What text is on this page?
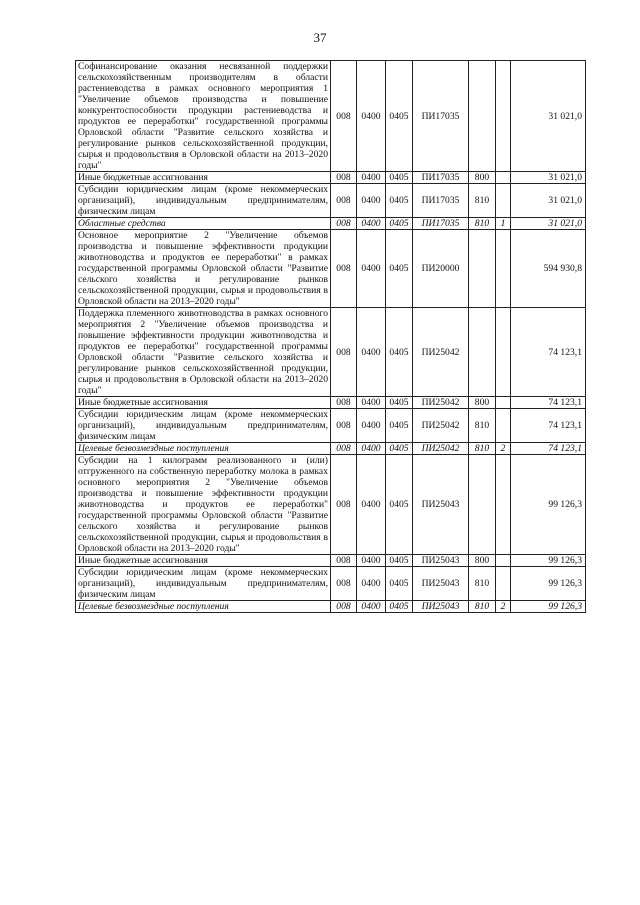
37
Софинансирование оказания несвязанной поддержки сельскохозяйственным производителям в области растениеводства в рамках основного мероприятия 1 "Увеличение объемов производства и повышение конкурентоспособности продукции растениеводства и продуктов ее переработки" государственной программы Орловской области "Развитие сельского хозяйства и регулирование рынков сельскохозяйственной продукции, сырья и продовольствия в Орловской области на 2013–2020 годы"	008	0400	0405	ПИ17035			31 021,0
Иные бюджетные ассигнования	008	0400	0405	ПИ17035	800		31 021,0
Субсидии юридическим лицам (кроме некоммерческих организаций), индивидуальным предпринимателям, физическим лицам	008	0400	0405	ПИ17035	810		31 021,0
Областные средства	008	0400	0405	ПИ17035	810	1	31 021,0
Основное мероприятие 2 "Увеличение объемов производства и повышение эффективности продукции животноводства и продуктов ее переработки" в рамках государственной программы Орловской области "Развитие сельского хозяйства и регулирование рынков сельскохозяйственной продукции, сырья и продовольствия в Орловской области на 2013–2020 годы"	008	0400	0405	ПИ20000			594 930,8
Поддержка племенного животноводства в рамках основного мероприятия 2 "Увеличение объемов производства и повышение эффективности продукции животноводства и продуктов ее переработки" государственной программы Орловской области "Развитие сельского хозяйства и регулирование рынков сельскохозяйственной продукции, сырья и продовольствия в Орловской области на 2013–2020 годы"	008	0400	0405	ПИ25042			74 123,1
Иные бюджетные ассигнования	008	0400	0405	ПИ25042	800		74 123,1
Субсидии юридическим лицам (кроме некоммерческих организаций), индивидуальным предпринимателям, физическим лицам	008	0400	0405	ПИ25042	810		74 123,1
Целевые безвозмездные поступления	008	0400	0405	ПИ25042	810	2	74 123,1
Субсидии на 1 килограмм реализованного и (или) отгруженного на собственную переработку молока в рамках основного мероприятия 2 "Увеличение объемов производства и повышение эффективности продукции животноводства и продуктов ее переработки" государственной программы Орловской области "Развитие сельского хозяйства и регулирование рынков сельскохозяйственной продукции, сырья и продовольствия в Орловской области на 2013–2020 годы"	008	0400	0405	ПИ25043			99 126,3
Иные бюджетные ассигнования	008	0400	0405	ПИ25043	800		99 126,3
Субсидии юридическим лицам (кроме некоммерческих организаций), индивидуальным предпринимателям, физическим лицам	008	0400	0405	ПИ25043	810		99 126,3
Целевые безвозмездные поступления	008	0400	0405	ПИ25043	810	2	99 126,3
